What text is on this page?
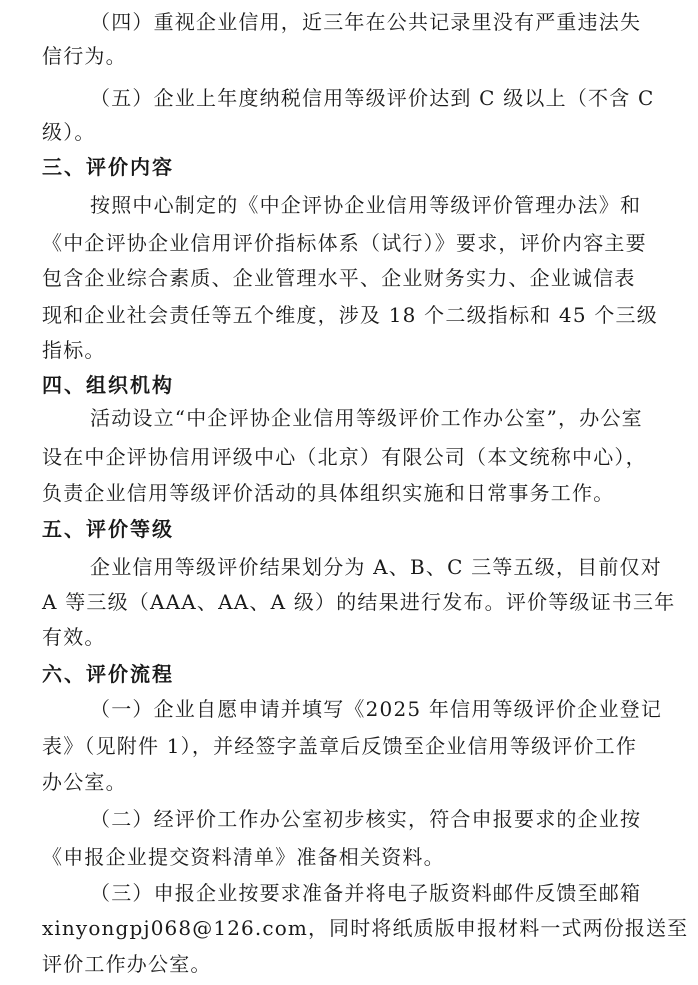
（四）重视企业信用，近三年在公共记录里没有严重违法失
信行为。
（五）企业上年度纳税信用等级评价达到 C 级以上（不含 C
级）。
三、评价内容
按照中心制定的《中企评协企业信用等级评价管理办法》和
《中企评协企业信用评价指标体系（试行）》要求，评价内容主要
包含企业综合素质、企业管理水平、企业财务实力、企业诚信表
现和企业社会责任等五个维度，涉及 18 个二级指标和 45 个三级
指标。
四、组织机构
活动设立“中企评协企业信用等级评价工作办公室”，办公室
设在中企评协信用评级中心（北京）有限公司（本文统称中心），
负责企业信用等级评价活动的具体组织实施和日常事务工作。
五、评价等级
企业信用等级评价结果划分为 A、B、C 三等五级，目前仅对
A 等三级（AAA、AA、A 级）的结果进行发布。评价等级证书三年
有效。
六、评价流程
（一）企业自愿申请并填写《2025 年信用等级评价企业登记
表》（见附件 1），并经签字盖章后反馈至企业信用等级评价工作
办公室。
（二）经评价工作办公室初步核实，符合申报要求的企业按
《申报企业提交资料清单》准备相关资料。
（三）申报企业按要求准备并将电子版资料邮件反馈至邮箱
xinyongpj068@126.com，同时将纸质版申报材料一式两份报送至
评价工作办公室。
